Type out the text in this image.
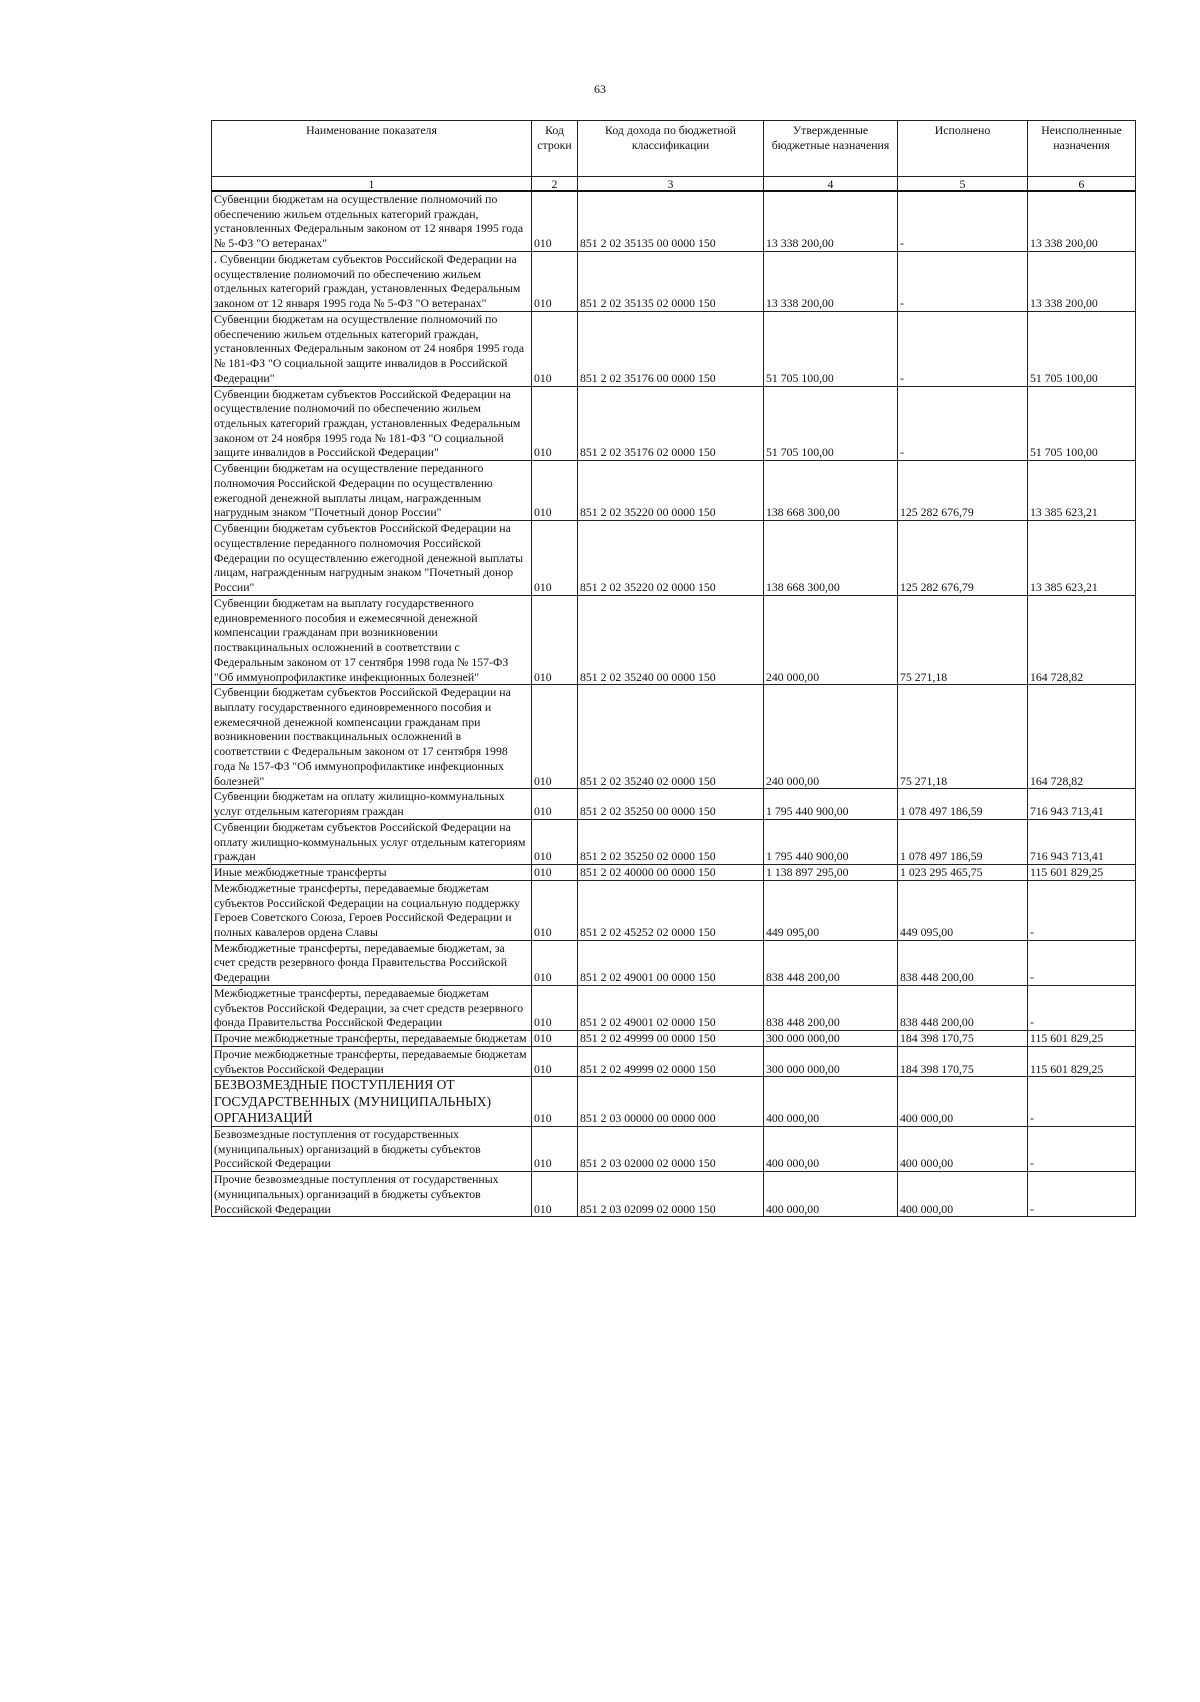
63
Наименование показателя	Код строки	Код дохода по бюджетной классификации	Утвержденные бюджетные назначения	Исполнено	Неисполненные назначения
1	2	3	4	5	6
Субвенции бюджетам на осуществление полномочий по обеспечению жильем отдельных категорий граждан, установленных Федеральным законом от 12 января 1995 года № 5-ФЗ "О ветеранах"	010	851 2 02 35135 00 0000 150	13 338 200,00	-	13 338 200,00
. Субвенции бюджетам субъектов Российской Федерации на осуществление полномочий по обеспечению жильем отдельных категорий граждан, установленных Федеральным законом от 12 января 1995 года № 5-ФЗ "О ветеранах"	010	851 2 02 35135 02 0000 150	13 338 200,00	-	13 338 200,00
Субвенции бюджетам на осуществление полномочий по обеспечению жильем отдельных категорий граждан, установленных Федеральным законом от 24 ноября 1995 года № 181-ФЗ "О социальной защите инвалидов в Российской Федерации"	010	851 2 02 35176 00 0000 150	51 705 100,00	-	51 705 100,00
Субвенции бюджетам субъектов Российской Федерации на осуществление полномочий по обеспечению жильем отдельных категорий граждан, установленных Федеральным законом от 24 ноября 1995 года № 181-ФЗ "О социальной защите инвалидов в Российской Федерации"	010	851 2 02 35176 02 0000 150	51 705 100,00	-	51 705 100,00
Субвенции бюджетам на осуществление переданного полномочия Российской Федерации по осуществлению ежегодной денежной выплаты лицам, награжденным нагрудным знаком "Почетный донор России"	010	851 2 02 35220 00 0000 150	138 668 300,00	125 282 676,79	13 385 623,21
Субвенции бюджетам субъектов Российской Федерации на осуществление переданного полномочия Российской Федерации по осуществлению ежегодной денежной выплаты лицам, награжденным нагрудным знаком "Почетный донор России"	010	851 2 02 35220 02 0000 150	138 668 300,00	125 282 676,79	13 385 623,21
Субвенции бюджетам на выплату государственного единовременного пособия и ежемесячной денежной компенсации гражданам при возникновении поствакцинальных осложнений в соответствии с Федеральным законом от 17 сентября 1998 года № 157-ФЗ "Об иммунопрофилактике инфекционных болезней"	010	851 2 02 35240 00 0000 150	240 000,00	75 271,18	164 728,82
Субвенции бюджетам субъектов Российской Федерации на выплату государственного единовременного пособия и ежемесячной денежной компенсации гражданам при возникновении поствакцинальных осложнений в соответствии с Федеральным законом от 17 сентября 1998 года № 157-ФЗ "Об иммунопрофилактике инфекционных болезней"	010	851 2 02 35240 02 0000 150	240 000,00	75 271,18	164 728,82
Субвенции бюджетам на оплату жилищно-коммунальных услуг отдельным категориям граждан	010	851 2 02 35250 00 0000 150	1 795 440 900,00	1 078 497 186,59	716 943 713,41
Субвенции бюджетам субъектов Российской Федерации на оплату жилищно-коммунальных услуг отдельным категориям граждан	010	851 2 02 35250 02 0000 150	1 795 440 900,00	1 078 497 186,59	716 943 713,41
Иные межбюджетные трансферты	010	851 2 02 40000 00 0000 150	1 138 897 295,00	1 023 295 465,75	115 601 829,25
Межбюджетные трансферты, передаваемые бюджетам субъектов Российской Федерации на социальную поддержку Героев Советского Союза, Героев Российской Федерации и полных кавалеров ордена Славы	010	851 2 02 45252 02 0000 150	449 095,00	449 095,00	-
Межбюджетные трансферты, передаваемые бюджетам, за счет средств резервного фонда Правительства Российской Федерации	010	851 2 02 49001 00 0000 150	838 448 200,00	838 448 200,00	-
Межбюджетные трансферты, передаваемые бюджетам субъектов Российской Федерации, за счет средств резервного фонда Правительства Российской Федерации	010	851 2 02 49001 02 0000 150	838 448 200,00	838 448 200,00	-
Прочие межбюджетные трансферты, передаваемые бюджетам	010	851 2 02 49999 00 0000 150	300 000 000,00	184 398 170,75	115 601 829,25
Прочие межбюджетные трансферты, передаваемые бюджетам субъектов Российской Федерации	010	851 2 02 49999 02 0000 150	300 000 000,00	184 398 170,75	115 601 829,25
БЕЗВОЗМЕЗДНЫЕ ПОСТУПЛЕНИЯ ОТ ГОСУДАРСТВЕННЫХ (МУНИЦИПАЛЬНЫХ) ОРГАНИЗАЦИЙ	010	851 2 03 00000 00 0000 000	400 000,00	400 000,00	-
Безвозмездные поступления от государственных (муниципальных) организаций в бюджеты субъектов Российской Федерации	010	851 2 03 02000 02 0000 150	400 000,00	400 000,00	-
Прочие безвозмездные поступления от государственных (муниципальных) организаций в бюджеты субъектов Российской Федерации	010	851 2 03 02099 02 0000 150	400 000,00	400 000,00	-
